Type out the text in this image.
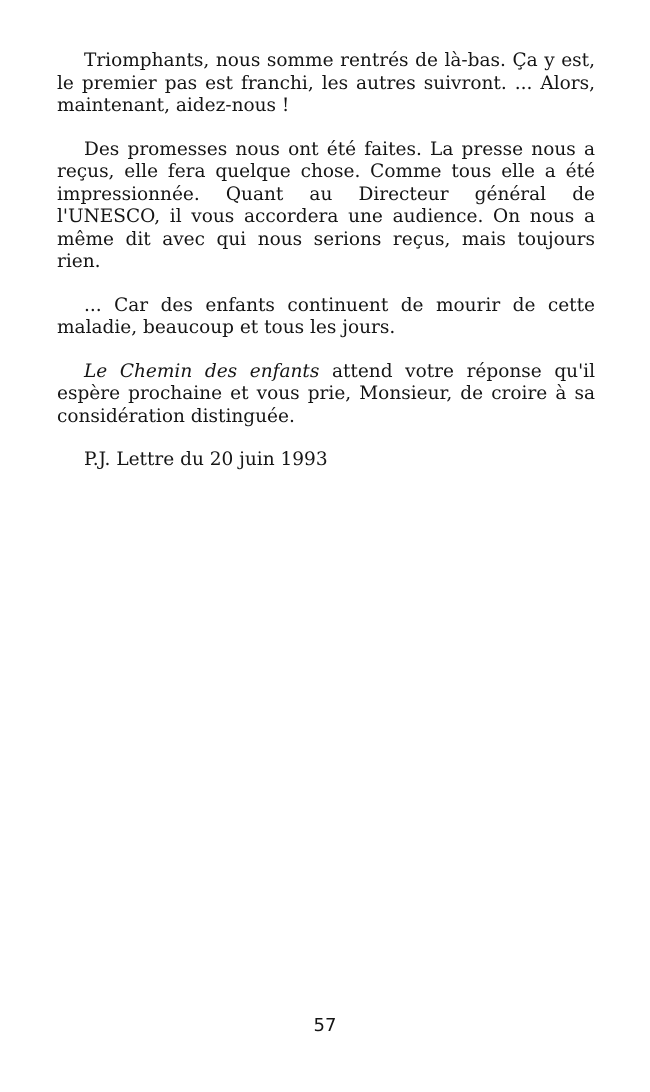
Triomphants, nous somme rentrés de là-bas. Ça y est, le premier pas est franchi, les autres suivront. ... Alors, maintenant, aidez-nous !

Des promesses nous ont été faites. La presse nous a reçus, elle fera quelque chose. Comme tous elle a été impressionnée. Quant au Directeur général de l'UNESCO, il vous accordera une audience. On nous a même dit avec qui nous serions reçus, mais toujours rien.

... Car des enfants continuent de mourir de cette maladie, beaucoup et tous les jours.

Le Chemin des enfants attend votre réponse qu'il espère prochaine et vous prie, Monsieur, de croire à sa considération distinguée.

P.J. Lettre du 20 juin 1993

57
